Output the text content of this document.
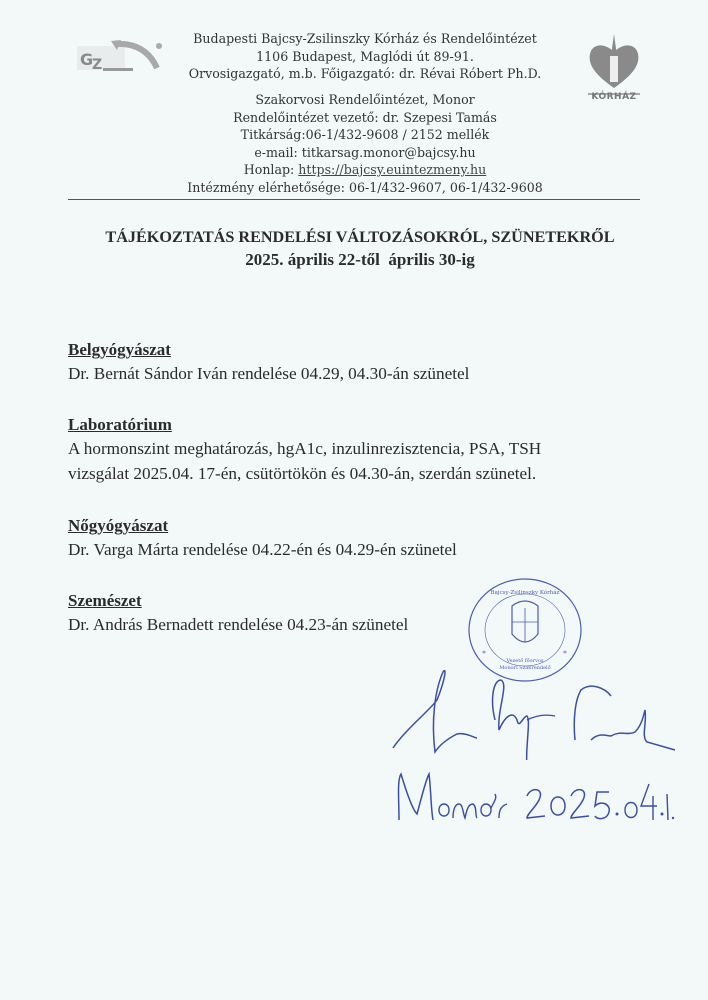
G
Z
Budapesti Bajcsy-Zsilinszky Kórház és Rendelőintézet
1106 Budapest, Maglódi út 89-91.
Orvosigazgató, m.b. Főigazgató: dr. Révai Róbert Ph.D.
Szakorvosi Rendelőintézet, Monor
Rendelőintézet vezető: dr. Szepesi Tamás
Titkárság:06-1/432-9608 / 2152 mellék
e-mail: titkarsag.monor@bajcsy.hu
Honlap: https://bajcsy.euintezmeny.hu
Intézmény elérhetősége: 06-1/432-9607, 06-1/432-9608
KÓRHÁZ
TÁJÉKOZTATÁS RENDELÉSI VÁLTOZÁSOKRÓL, SZÜNETEKRŐL
2025. április 22-től  április 30-ig
Belgyógyászat
Dr. Bernát Sándor Iván rendelése 04.29, 04.30-án szünetel
Laboratórium
A hormonszint meghatározás, hgA1c, inzulinrezisztencia, PSA, TSH
vizsgálat 2025.04. 17-én, csütörtökön és 04.30-án, szerdán szünetel.
Nőgyógyászat
Dr. Varga Márta rendelése 04.22-én és 04.29-én szünetel
Szemészet
Dr. András Bernadett rendelése 04.23-án szünetel
Bajcsy-Zsilinszky Kórház
Vezető főorvos
Monori Szakrendelő
*	*
